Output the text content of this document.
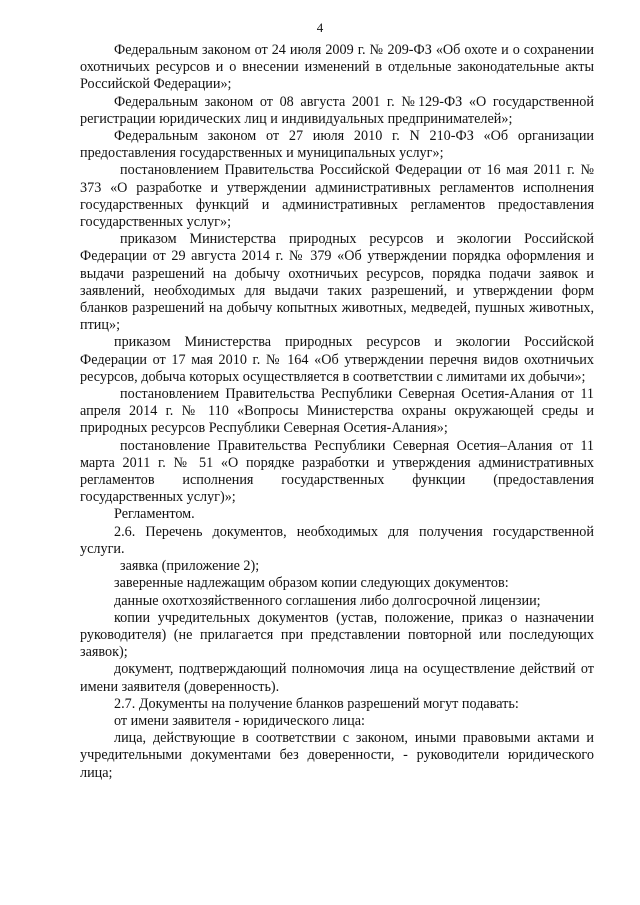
4

Федеральным законом от 24 июля 2009 г. № 209-ФЗ «Об охоте и о сохранении охотничьих ресурсов и о внесении изменений в отдельные законодательные акты Российской Федерации»;

Федеральным законом от 08 августа 2001 г. №129-ФЗ «О государственной регистрации юридических лиц и индивидуальных предпринимателей»;

Федеральным законом от 27 июля 2010 г. N 210-ФЗ «Об организации предоставления государственных и муниципальных услуг»;

постановлением Правительства Российской Федерации от 16 мая 2011 г. № 373 «О разработке и утверждении административных регламентов исполнения государственных функций и административных регламентов предоставления государственных услуг»;

приказом Министерства природных ресурсов и экологии Российской Федерации от 29 августа 2014 г. № 379 «Об утверждении порядка оформления и выдачи разрешений на добычу охотничьих ресурсов, порядка подачи заявок и заявлений, необходимых для выдачи таких разрешений, и утверждении форм бланков разрешений на добычу копытных животных, медведей, пушных животных, птиц»;

приказом Министерства природных ресурсов и экологии Российской Федерации от 17 мая 2010 г. № 164 «Об утверждении перечня видов охотничьих ресурсов, добыча которых осуществляется в соответствии с лимитами их добычи»;

постановлением Правительства Республики Северная Осетия-Алания от 11 апреля 2014 г. № 110 «Вопросы Министерства охраны окружающей среды и природных ресурсов Республики Северная Осетия-Алания»;

постановление Правительства Республики Северная Осетия–Алания от 11 марта 2011 г. № 51 «О порядке разработки и утверждения административных регламентов исполнения государственных функции (предоставления государственных услуг)»;

Регламентом.

2.6. Перечень документов, необходимых для получения государственной услуги.

заявка (приложение 2);

заверенные надлежащим образом копии следующих документов:

данные охотхозяйственного соглашения либо долгосрочной лицензии;

копии учредительных документов (устав, положение, приказ о назначении руководителя) (не прилагается при представлении повторной или последующих заявок);

документ, подтверждающий полномочия лица на осуществление действий от имени заявителя (доверенность).

2.7. Документы на получение бланков разрешений могут подавать:

от имени заявителя - юридического лица:

лица, действующие в соответствии с законом, иными правовыми актами и учредительными документами без доверенности, - руководители юридического лица;
